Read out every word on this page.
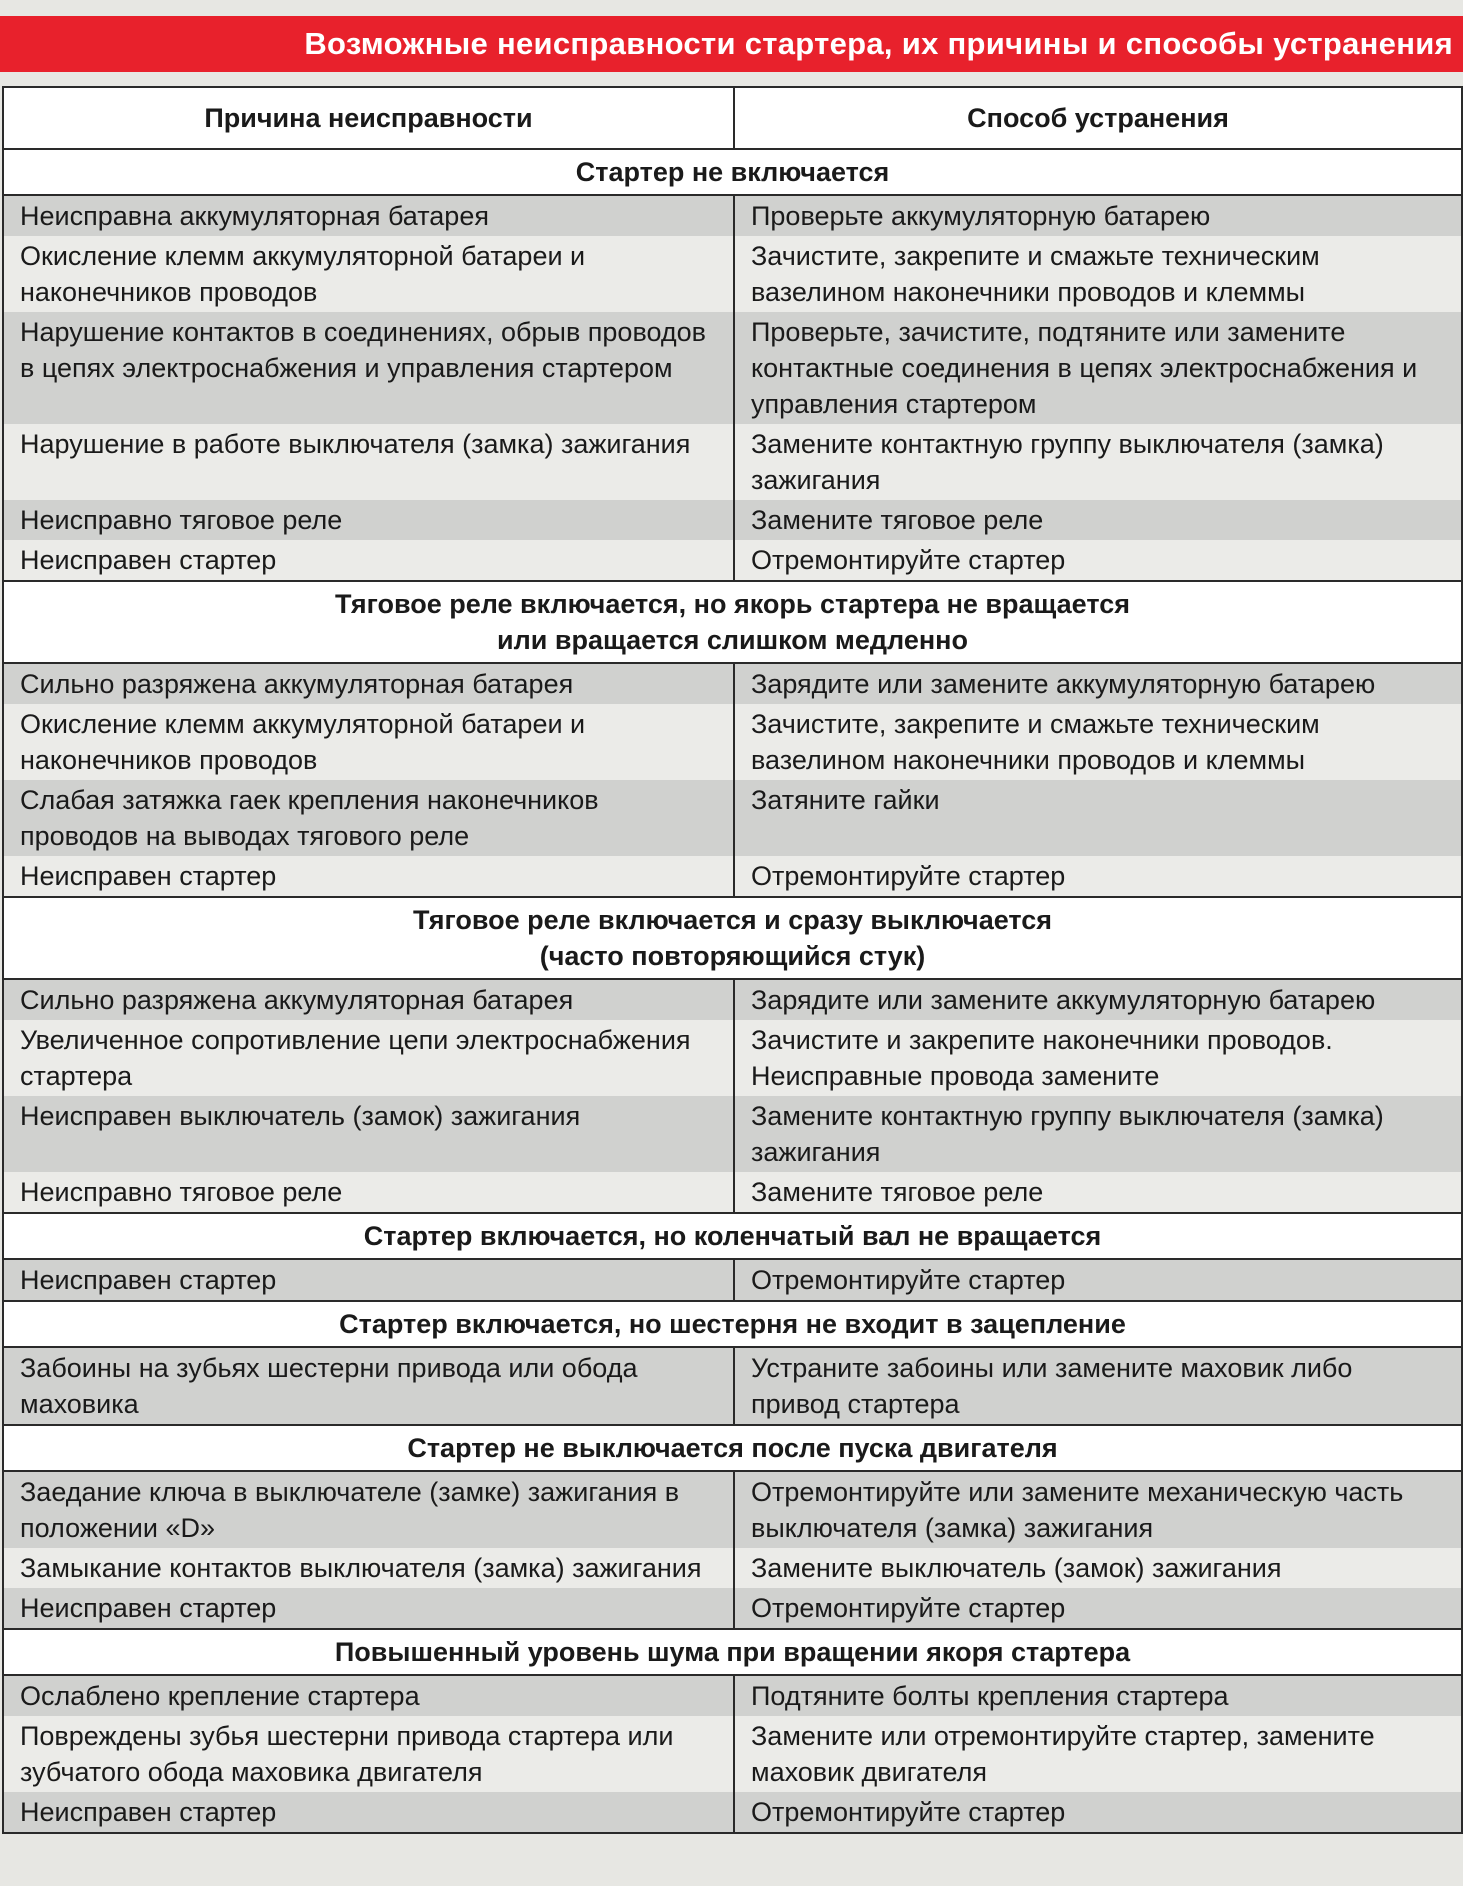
Возможные неисправности стартера, их причины и способы устранения
Причина неисправности	Способ устранения

Стартер не включается	

Неисправна аккумуляторная батарея	Проверьте аккумуляторную батарею
Окисление клемм аккумуляторной батареи и наконечников проводов	Зачистите, закрепите и смажьте техническим вазелином наконечники проводов и клеммы
Нарушение контактов в соединениях, обрыв проводов в цепях электроснабжения и управления стартером	Проверьте, зачистите, подтяните или замените контактные соединения в цепях электроснабжения и управления стартером
Нарушение в работе выключателя (замка) зажигания	Замените контактную группу выключателя (замка) зажигания
Неисправно тяговое реле	Замените тяговое реле
Неисправен стартер	Отремонтируйте стартер

Тяговое реле включается, но якорь стартера не вращается
или вращается слишком медленно	

Сильно разряжена аккумуляторная батарея	Зарядите или замените аккумуляторную батарею
Окисление клемм аккумуляторной батареи и наконечников проводов	Зачистите, закрепите и смажьте техническим вазелином наконечники проводов и клеммы
Слабая затяжка гаек крепления наконечников проводов на выводах тягового реле	Затяните гайки
Неисправен стартер	Отремонтируйте стартер

Тяговое реле включается и сразу выключается
(часто повторяющийся стук)	

Сильно разряжена аккумуляторная батарея	Зарядите или замените аккумуляторную батарею
Увеличенное сопротивление цепи электроснабжения стартера	Зачистите и закрепите наконечники проводов. Неисправные провода замените
Неисправен выключатель (замок) зажигания	Замените контактную группу выключателя (замка) зажигания
Неисправно тяговое реле	Замените тяговое реле

Стартер включается, но коленчатый вал не вращается	

Неисправен стартер	Отремонтируйте стартер

Стартер включается, но шестерня не входит в зацепление	

Забоины на зубьях шестерни привода или обода маховика	Устраните забоины или замените маховик либо привод стартера

Стартер не выключается после пуска двигателя	

Заедание ключа в выключателе (замке) зажигания в положении «D»	Отремонтируйте или замените механическую часть выключателя (замка) зажигания
Замыкание контактов выключателя (замка) зажигания	Замените выключатель (замок) зажигания
Неисправен стартер	Отремонтируйте стартер

Повышенный уровень шума при вращении якоря стартера	

Ослаблено крепление стартера	Подтяните болты крепления стартера
Повреждены зубья шестерни привода стартера или зубчатого обода маховика двигателя	Замените или отремонтируйте стартер, замените маховик двигателя
Неисправен стартер	Отремонтируйте стартер
